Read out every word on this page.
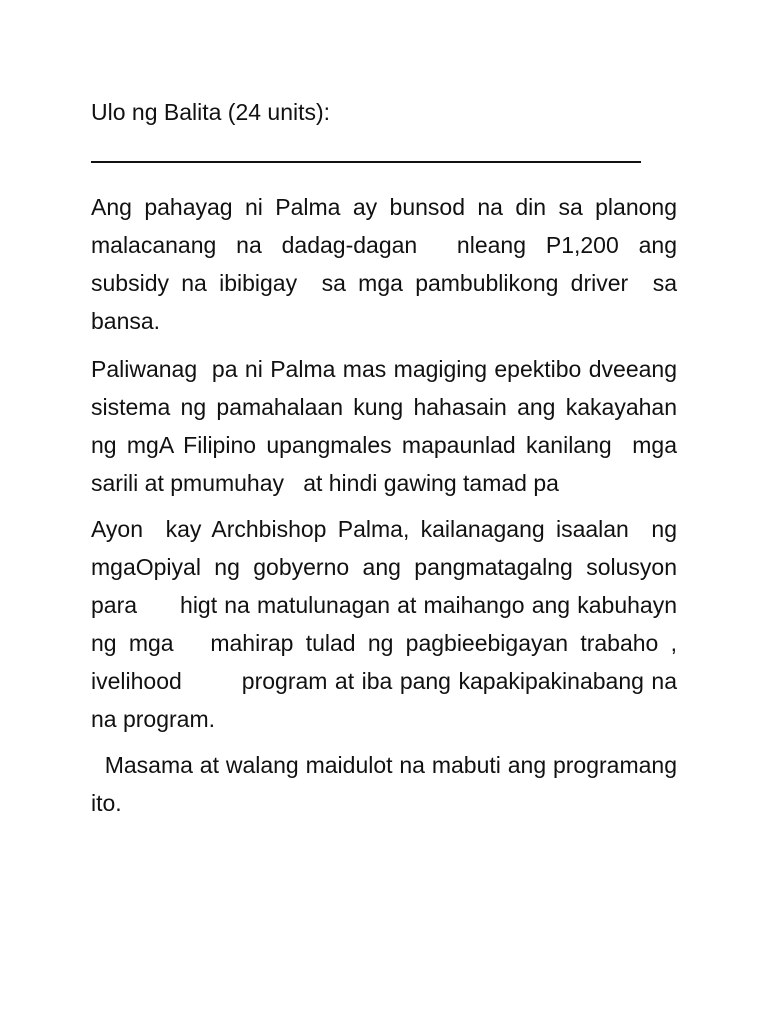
Ulo ng Balita (24 units):

Ang pahayag ni Palma ay bunsod na din sa planong malacanang na dadag-dagan  nleang P1,200 ang subsidy na ibibigay  sa mga pambublikong driver  sa bansa.

Paliwanag  pa ni Palma mas magiging epektibo dveeang sistema ng pamahalaan kung hahasain ang kakayahan ng mgA Filipino upangmales mapaunlad kanilang  mga sarili at pmumuhay   at hindi gawing tamad pa

Ayon  kay Archbishop Palma, kailanagang isaalan  ng mgaOpiyal ng gobyerno ang pangmatagalng solusyon para      higt na matulunagan at maihango ang kabuhayn ng mga   mahirap tulad ng pagbieebigayan trabaho , ivelihood        program at iba pang kapakipakinabang na na program.

Masama at walang maidulot na mabuti ang programang ito.
